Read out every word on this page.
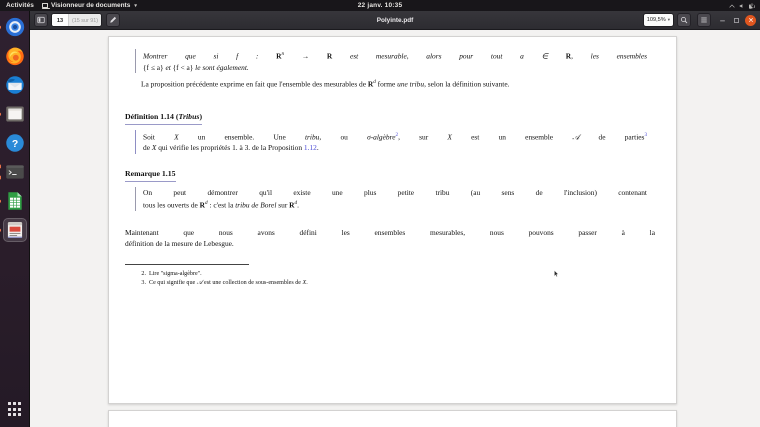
Activités	Visionneur de documents ▾	22 janv. 10:35
?
13	(15 sur 91)	Polyinte.pdf	109,5% ▾

Montrer que si f : $R^n \to R$ est mesurable, alors pour tout a ∈ R, les ensembles

{f ≤ a} et {f < a} le sont également.

La proposition précédente exprime en fait que l'ensemble des mesurables de $R^d$ forme une tribu, selon la définition suivante.

Définition 1.14 (Tribus)

Soit X un ensemble. Une tribu, ou σ-algèbre$^2$, sur X est un ensemble 𝒜 de parties$^3$

de X qui vérifie les propriétés 1. à 3. de la Proposition 1.12.

Remarque 1.15

On peut démontrer qu'il existe une plus petite tribu (au sens de l'inclusion) contenant

tous les ouverts de $R^d$ : c'est la tribu de Borel sur $R^d$.

Maintenant que nous avons défini les ensembles mesurables, nous pouvons passer à la

définition de la mesure de Lebesgue.

2. Lire "sigma-algèbre".
3. Ce qui signifie que 𝒜 est une collection de sous-ensembles de X.
